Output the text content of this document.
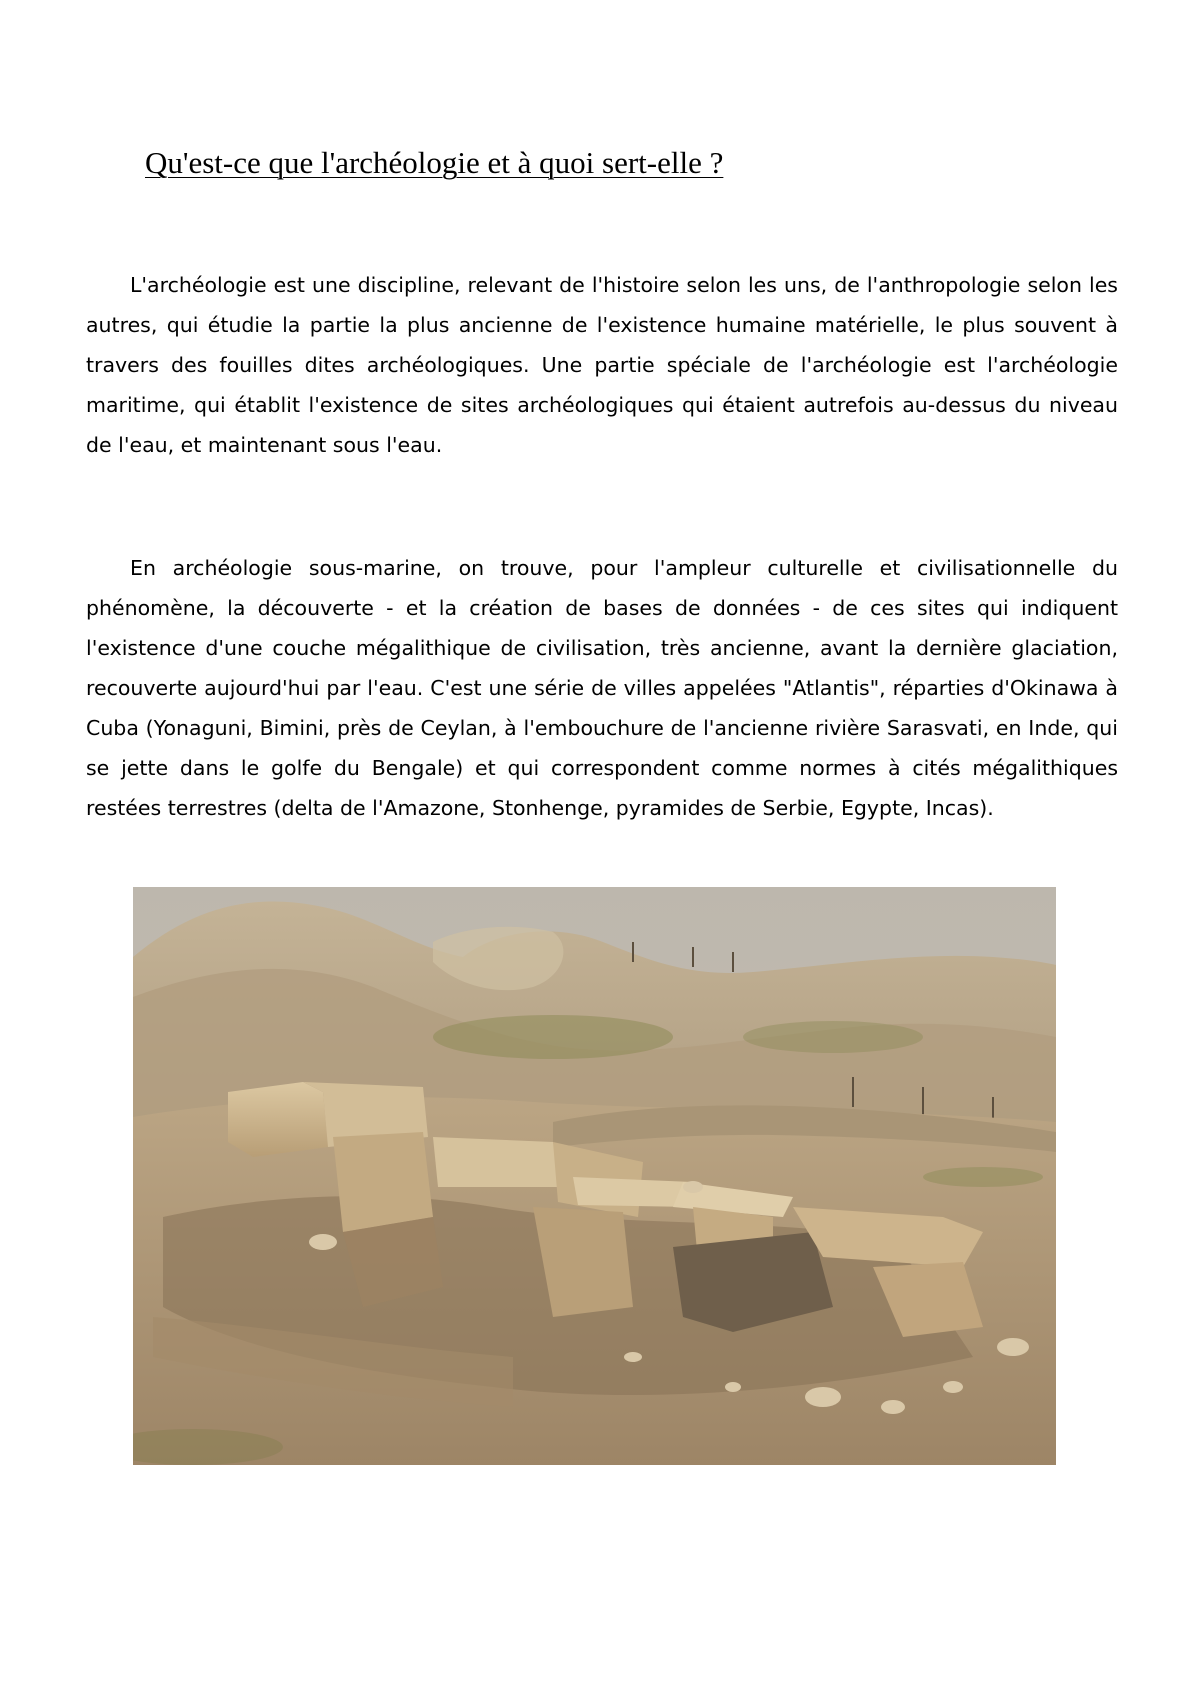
Qu'est-ce que l'archéologie et à quoi sert-elle ?

L'archéologie est une discipline, relevant de l'histoire selon les uns, de l'anthropologie selon les autres, qui étudie la partie la plus ancienne de l'existence humaine matérielle, le plus souvent à travers des fouilles dites archéologiques. Une partie spéciale de l'archéologie est l'archéologie maritime, qui établit l'existence de sites archéologiques qui étaient autrefois au-dessus du niveau de l'eau, et maintenant sous l'eau.

En archéologie sous-marine, on trouve, pour l'ampleur culturelle et civilisationnelle du phénomène, la découverte - et la création de bases de données - de ces sites qui indiquent l'existence d'une couche mégalithique de civilisation, très ancienne, avant la dernière glaciation, recouverte aujourd'hui par l'eau. C'est une série de villes appelées "Atlantis", réparties d'Okinawa à Cuba (Yonaguni, Bimini, près de Ceylan, à l'embouchure de l'ancienne rivière Sarasvati, en Inde, qui se jette dans le golfe du Bengale) et qui correspondent comme normes à cités mégalithiques restées terrestres (delta de l'Amazone, Stonhenge, pyramides de Serbie, Egypte, Incas).
